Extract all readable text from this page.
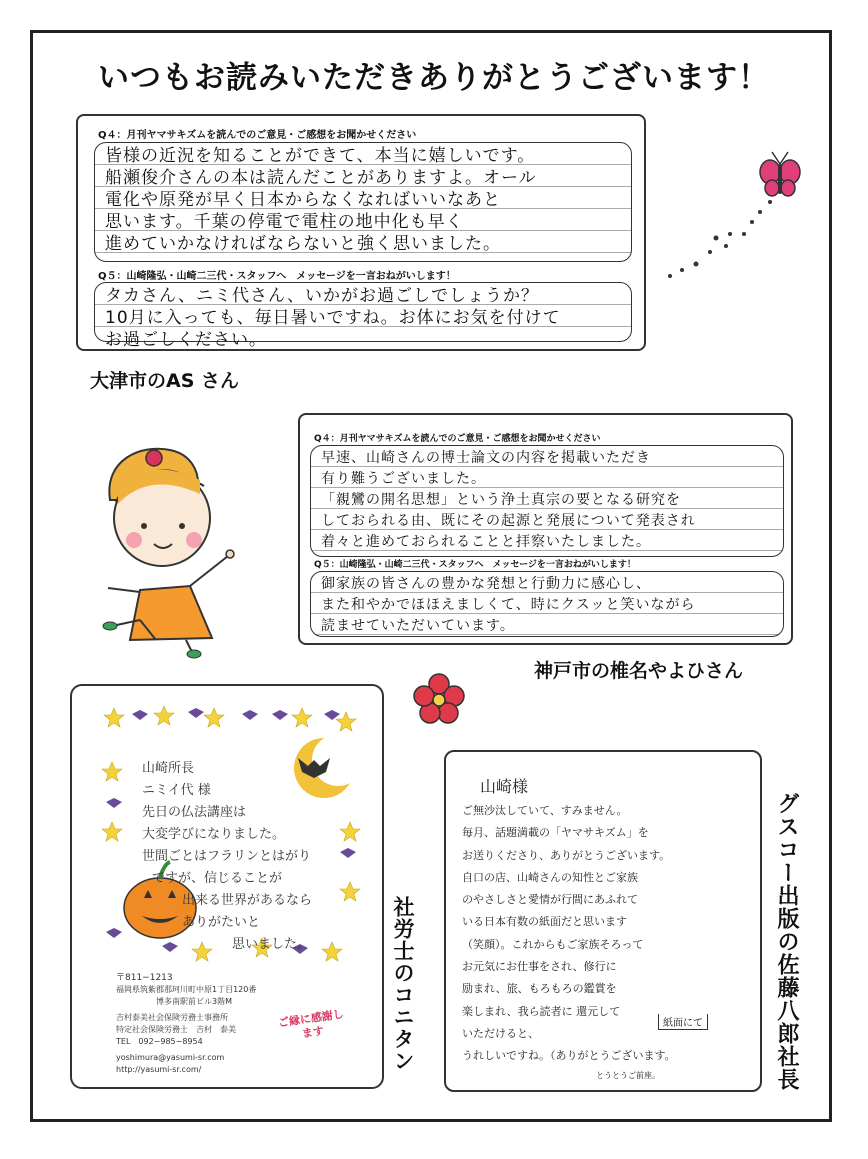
いつもお読みいただきありがとうございます！
Q４：月刊ヤマサキズムを読んでのご意見・ご感想をお聞かせください
皆様の近況を知ることができて、本当に嬉しいです。
船瀬俊介さんの本は読んだことがありますよ。オール
電化や原発が早く日本からなくなればいいなあと
思います。千葉の停電で電柱の地中化も早く
進めていかなければならないと強く思いました。
Q５：山崎隆弘・山崎二三代・スタッフへ　メッセージを一言おねがいします！
タカさん、ニミ代さん、いかがお過ごしでしょうか？
10月に入っても、毎日暑いですね。お体にお気を付けて
お過ごしください。
大津市のAS さん
Q４：月刊ヤマサキズムを読んでのご意見・ご感想をお聞かせください
早速、山崎さんの博士論文の内容を掲載いただき
有り難うございました。
「親鸞の開名思想」という浄土真宗の要となる研究を
しておられる由、既にその起源と発展について発表され
着々と進めておられることと拝察いたしました。
Q５：山崎隆弘・山崎二三代・スタッフへ　メッセージを一言おねがいします！
御家族の皆さんの豊かな発想と行動力に感心し、
また和やかでほほえましくて、時にクスッと笑いながら
読ませていただいています。
神戸市の椎名やよひさん
山崎所長
ニミイ代 様
先日の仏法講座は
大変学びになりました。
世間ごとはフラリンとはがり
ですが、信じることが
出来る世界があるなら
ありがたいと
思いました。
〒811−1213
福岡県筑紫郡那珂川町中原1丁目120番
博多南駅前ビル3階M
吉村泰美社会保険労務士事務所
特定社会保険労務士　吉村　泰美
TEL　092−985−8954
yoshimura@yasumi-sr.com
http://yasumi-sr.com/
ご縁に感謝します	社労士のコニタン
山崎様
ご無沙汰していて、すみません。
毎月、話題満載の「ヤマサキズム」を
お送りくださり、ありがとうございます。
自口の店、山崎さんの知性とご家族
のやさしさと愛情が行間にあふれて
いる日本有数の紙面だと思います
（笑顔）。これからもご家族そろって
お元気にお仕事をされ、修行に
励まれ、旅、もろもろの鑑賞を
楽しまれ、我ら読者に 還元して
いただけると、
うれしいですね。（ありがとうございます。
紙面にて
とうとうご前座。	グスコー出版の佐藤八郎社長
